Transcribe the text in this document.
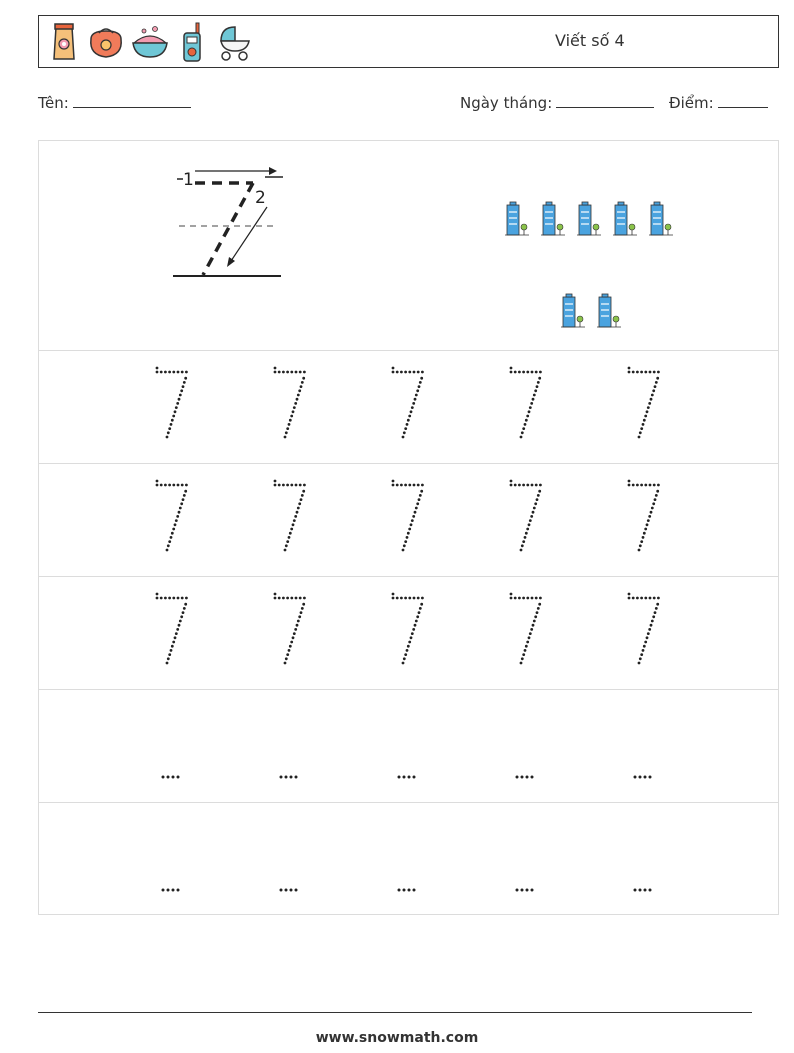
Viết số 4
Tên:	Ngày tháng:	Điểm:
1
2
www.snowmath.com
